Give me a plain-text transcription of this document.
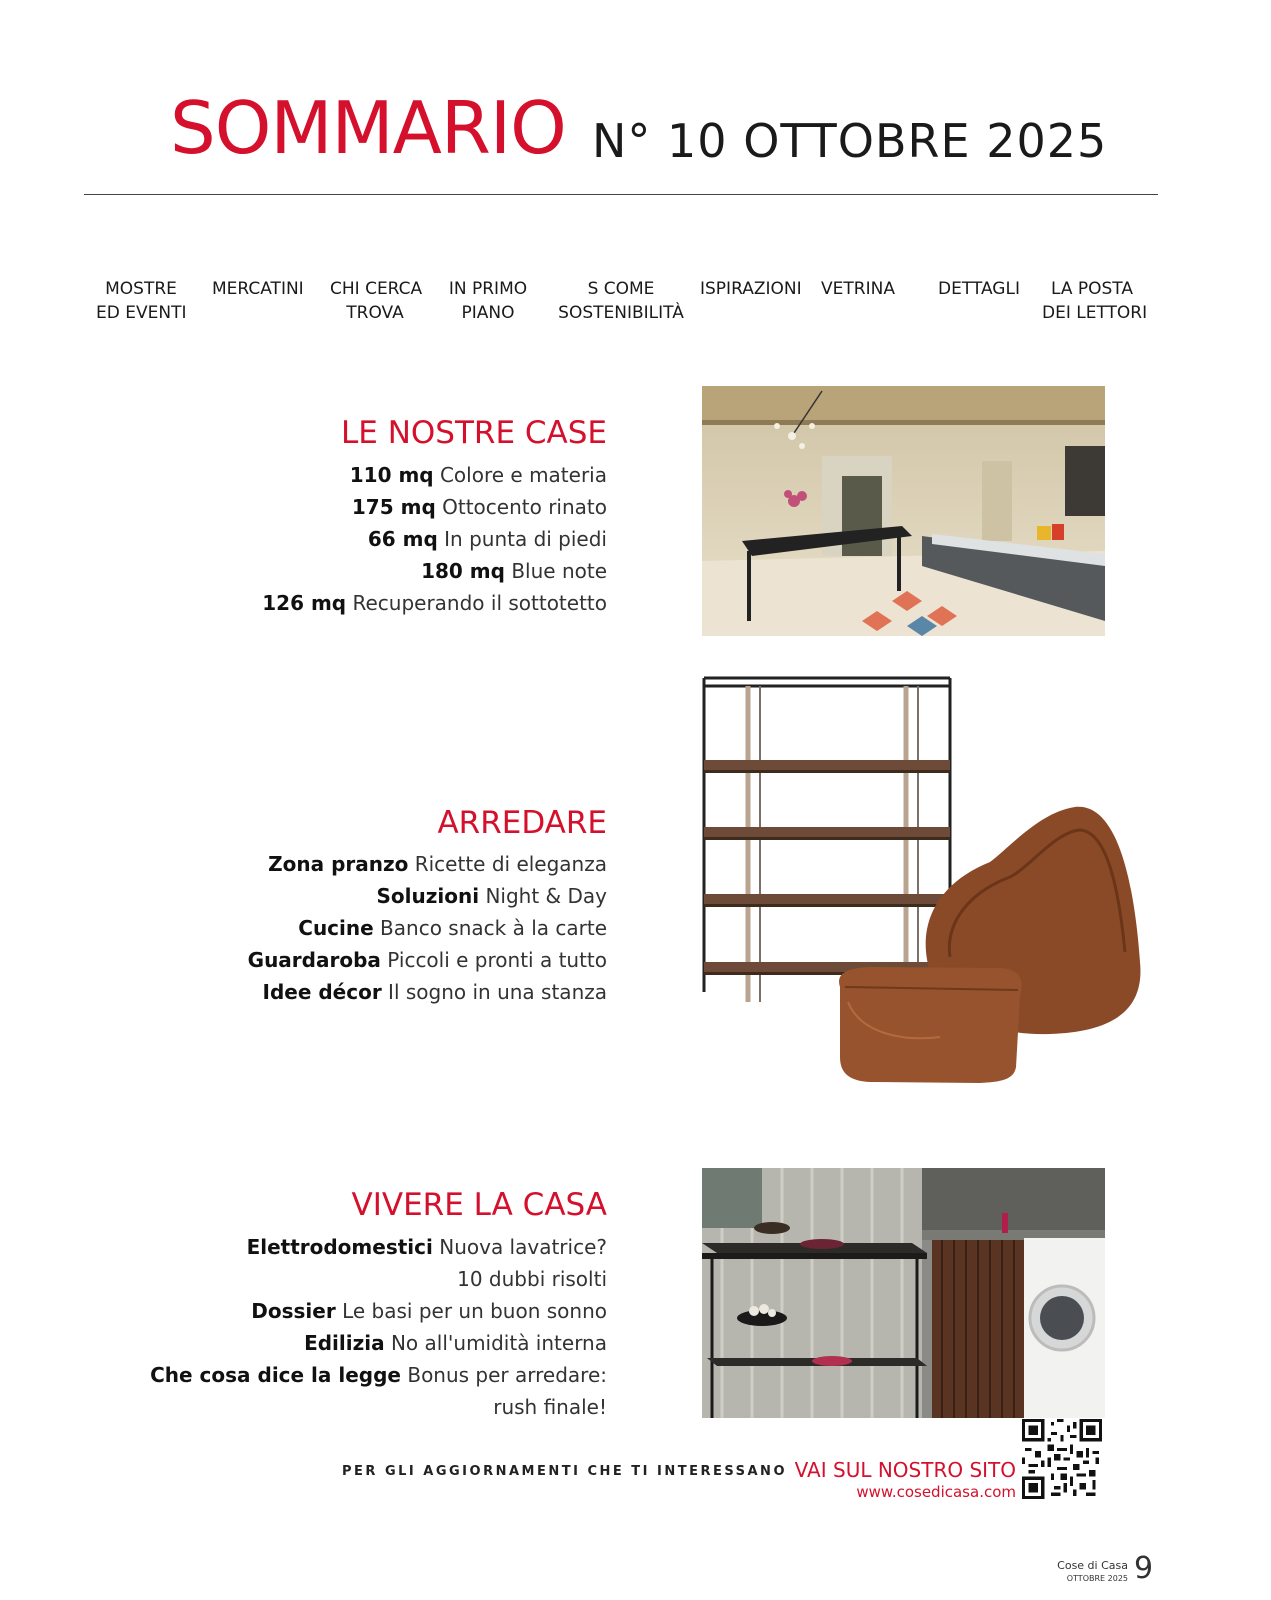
SOMMARIO N° 10 OTTOBRE 2025
MOSTRE
ED EVENTI
MERCATINI CHI CERCA
TROVA
IN PRIMO
PIANO
S COME
SOSTENIBILITÀ
ISPIRAZIONI VETRINA	DETTAGLI	LA POSTA
DEI LETTORI
LE NOSTRE CASE
110 mq Colore e materia
175 mq Ottocento rinato
66 mq In punta di piedi
180 mq Blue note
126 mq Recuperando il sottotetto
ARREDARE
Zona pranzo Ricette di eleganza
Soluzioni Night & Day
Cucine Banco snack à la carte
Guardaroba Piccoli e pronti a tutto
Idee décor Il sogno in una stanza
VIVERE LA CASA
Elettrodomestici Nuova lavatrice?
10 dubbi risolti
Dossier Le basi per un buon sonno
Edilizia No all'umidità interna
Che cosa dice la legge Bonus per arredare:
rush finale!
PER GLI AGGIORNAMENTI CHE TI INTERESSANO VAI SUL NOSTRO SITO
www.cosedicasa.com
Cose di Casa
OTTOBRE 2025 9
